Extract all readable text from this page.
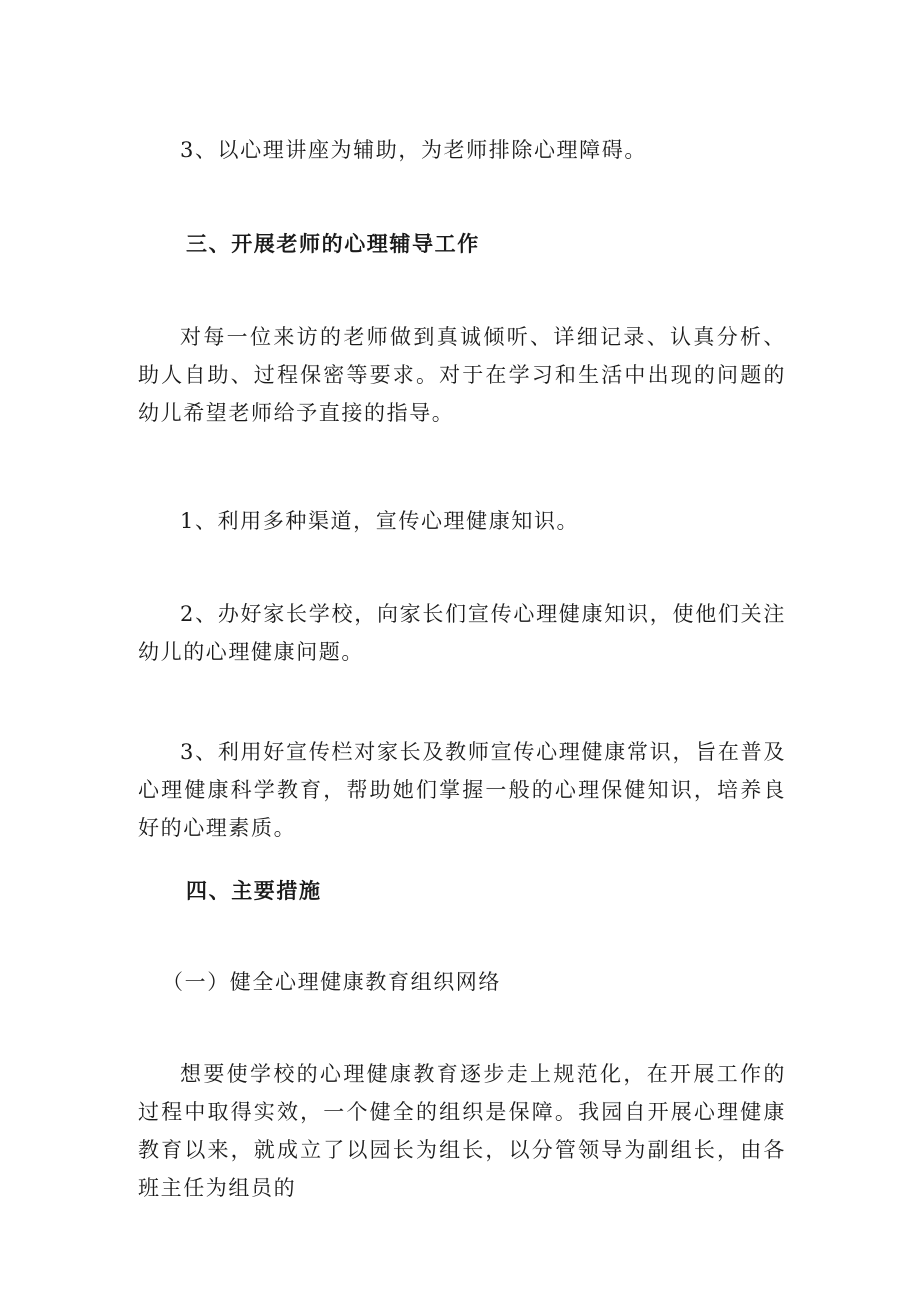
3、以心理讲座为辅助，为老师排除心理障碍。

三、开展老师的心理辅导工作

对每一位来访的老师做到真诚倾听、详细记录、认真分析、助人自助、过程保密等要求。对于在学习和生活中出现的问题的幼儿希望老师给予直接的指导。

1、利用多种渠道，宣传心理健康知识。

2、办好家长学校，向家长们宣传心理健康知识，使他们关注幼儿的心理健康问题。

3、利用好宣传栏对家长及教师宣传心理健康常识，旨在普及心理健康科学教育，帮助她们掌握一般的心理保健知识，培养良好的心理素质。

四、主要措施

（一）健全心理健康教育组织网络

想要使学校的心理健康教育逐步走上规范化，在开展工作的过程中取得实效，一个健全的组织是保障。我园自开展心理健康教育以来，就成立了以园长为组长，以分管领导为副组长，由各班主任为组员的
